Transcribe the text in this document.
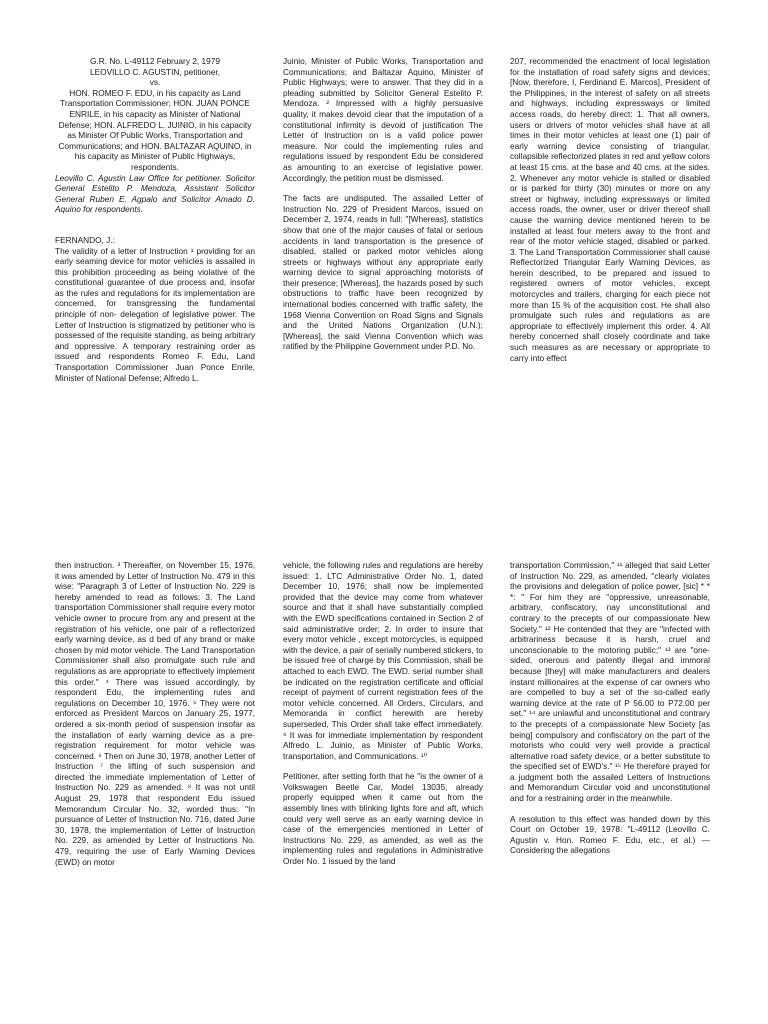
G.R. No. L-49112 February 2, 1979

LEOVILLO C. AGUSTIN, petitioner,

vs.

HON. ROMEO F. EDU, in his capacity as Land Transportation Commissioner; HON. JUAN PONCE ENRILE, in his capacity as Minister of National Defense; HON. ALFREDO L. JUINIO, in his capacity as Minister Of Public Works, Transportation and Communications; and HON. BALTAZAR AQUINO, in his capacity as Minister of Public Highways, respondents.

Leovillo C. Agustin Law Office for petitioner. Solicitor General Estelito P. Mendoza, Assistant Solicitor General Ruben E. Agpalo and Solicitor Amado D. Aquino for respondents.

FERNANDO, J.:

The validity of a letter of Instruction ¹ providing for an early seaming device for motor vehicles is assailed in this prohibition proceeding as being violative of the constitutional guarantee of due process and, insofar as the rules and regulations for its implementation are concerned, for transgressing the fundamental principle of non- delegation of legislative power. The Letter of Instruction is stigmatized by petitioner who is possessed of the requisite standing, as being arbitrary and oppressive. A temporary restraining order as issued and respondents Romeo F. Edu, Land Transportation Commissioner Juan Ponce Enrile, Minister of National Defense; Alfredo L.

Juinio, Minister of Public Works, Transportation and Communications; and Baltazar Aquino, Minister of Public Highways; were to answer. That they did in a pleading submitted by Solicitor General Estelito P. Mendoza. ² Impressed with a highly persuasive quality, it makes devoid clear that the imputation of a constitutional infirmity is devoid of justification The Letter of Instruction on is a valid police power measure. Nor could the implementing rules and regulations issued by respondent Edu be considered as amounting to an exercise of legislative power. Accordingly, the petition must be dismissed.

The facts are undisputed. The assailed Letter of Instruction No. 229 of President Marcos, issued on December 2, 1974, reads in full: "[Whereas], statistics show that one of the major causes of fatal or serious accidents in land transportation is the presence of disabled, stalled or parked motor vehicles along streets or highways without any appropriate early warning device to signal approaching motorists of their presence; [Whereas], the hazards posed by such obstructions to traffic have been recognized by international bodies concerned with traffic safety, the 1968 Vienna Convention on Road Signs and Signals and the United Nations Organization (U.N.); [Whereas], the said Vienna Convention which was ratified by the Philippine Government under P.D. No.

207, recommended the enactment of local legislation for the installation of road safety signs and devices; [Now, therefore, I, Ferdinand E. Marcos], President of the Philippines, in the interest of safety on all streets and highways, including expressways or limited access roads, do hereby direct: 1. That all owners, users or drivers of motor vehicles shall have at all times in their motor vehicles at least one (1) pair of early warning device consisting of triangular, collapsible reflectorized plates in red and yellow colors at least 15 cms. at the base and 40 cms. at the sides. 2. Whenever any motor vehicle is stalled or disabled or is parked for thirty (30) minutes or more on any street or highway, including expressways or limited access roads, the owner, user or driver thereof shall cause the warning device mentioned herein to be installed at least four meters away to the front and rear of the motor vehicle staged, disabled or parked. 3. The Land Transportation Commissioner shall cause Reflectorized Triangular Early Warning Devices, as herein described, to be prepared and issued to registered owners of motor vehicles, except motorcycles and trailers, charging for each piece not more than 15 % of the acquisition cost. He shall also promulgate such rules and regulations as are appropriate to effectively implement this order. 4. All hereby concerned shall closely coordinate and take such measures as are necessary or appropriate to carry into effect

then instruction. ³ Thereafter, on November 15, 1976, it was amended by Letter of Instruction No. 479 in this wise: "Paragraph 3 of Letter of Instruction No. 229 is hereby amended to read as follows: 3. The Land transportation Commissioner shall require every motor vehicle owner to procure from any and present at the registration of his vehicle, one pair of a reflectorized early warning device, as d bed of any brand or make chosen by mid motor vehicle. The Land Transportation Commissioner shall also promulgate such rule and regulations as are appropriate to effectively implement this order." ⁴ There was issued accordingly, by respondent Edu, the implementing rules and regulations on December 10, 1976. ⁵ They were not enforced as President Marcos on January 25, 1977, ordered a six-month period of suspension insofar as the installation of early warning device as a pre-registration requirement for motor vehicle was concerned. ⁶ Then on June 30, 1978, another Letter of Instruction ⁷ the lifting of such suspension and directed the immediate implementation of Letter of Instruction No. 229 as amended. ⁸ It was not until August 29, 1978 that respondent Edu issued Memorandum Circular No. 32, worded thus: "In pursuance of Letter of Instruction No. 716, dated June 30, 1978, the implementation of Letter of Instruction No. 229, as amended by Letter of Instructions No. 479, requiring the use of Early Warning Devices (EWD) on motor

vehicle, the following rules and regulations are hereby issued: 1. LTC Administrative Order No. 1, dated December 10, 1976; shall now be implemented provided that the device may come from whatever source and that it shall have substantially complied with the EWD specifications contained in Section 2 of said administrative order; 2. In order to insure that every motor vehicle , except motorcycles, is equipped with the device, a pair of serially numbered stickers, to be issued free of charge by this Commission, shall be attached to each EWD. The EWD. serial number shall be indicated on the registration certificate and official receipt of payment of current registration fees of the motor vehicle concerned. All Orders, Circulars, and Memoranda in conflict herewith are hereby superseded, This Order shall take effect immediately. ⁹ It was for immediate implementation by respondent Alfredo L. Juinio, as Minister of Public Works, transportation, and Communications. ¹⁰

Petitioner, after setting forth that he "is the owner of a Volkswagen Beetle Car, Model 13035, already properly equipped when it came out from the assembly lines with blinking lights fore and aft, which could very well serve as an early warning device in case of the emergencies mentioned in Letter of Instructions No. 229, as amended, as well as the implementing rules and regulations in Administrative Order No. 1 issued by the land

transportation Commission," ¹¹ alleged that said Letter of Instruction No. 229, as amended, "clearly violates the provisions and delegation of police power, [sic] * * *: " For him they are "oppressive, unreasonable, arbitrary, confiscatory, nay unconstitutional and contrary to the precepts of our compassionate New Society." ¹² He contended that they are "infected with arbitrariness because it is harsh, cruel and unconscionable to the motoring public;" ¹³ are "one-sided, onerous and patently illegal and immoral because [they] will make manufacturers and dealers instant millionaires at the expense of car owners who are compelled to buy a set of the so-called early warning device at the rate of P 56.00 to P72.00 per set." ¹⁴ are unlawful and unconstitutional and contrary to the precepts of a compassionate New Society [as being] compulsory and confiscatory on the part of the motorists who could very well provide a practical alternative road safety device, or a better substitute to the specified set of EWD's." ¹⁵ He therefore prayed for a judgment both the assailed Letters of Instructions and Memorandum Circular void and unconstitutional and for a restraining order in the meanwhile.

A resolution to this effect was handed down by this Court on October 19, 1978: "L-49112 (Leovillo C. Agustin v. Hon. Romeo F. Edu, etc., et al.) — Considering the allegations
